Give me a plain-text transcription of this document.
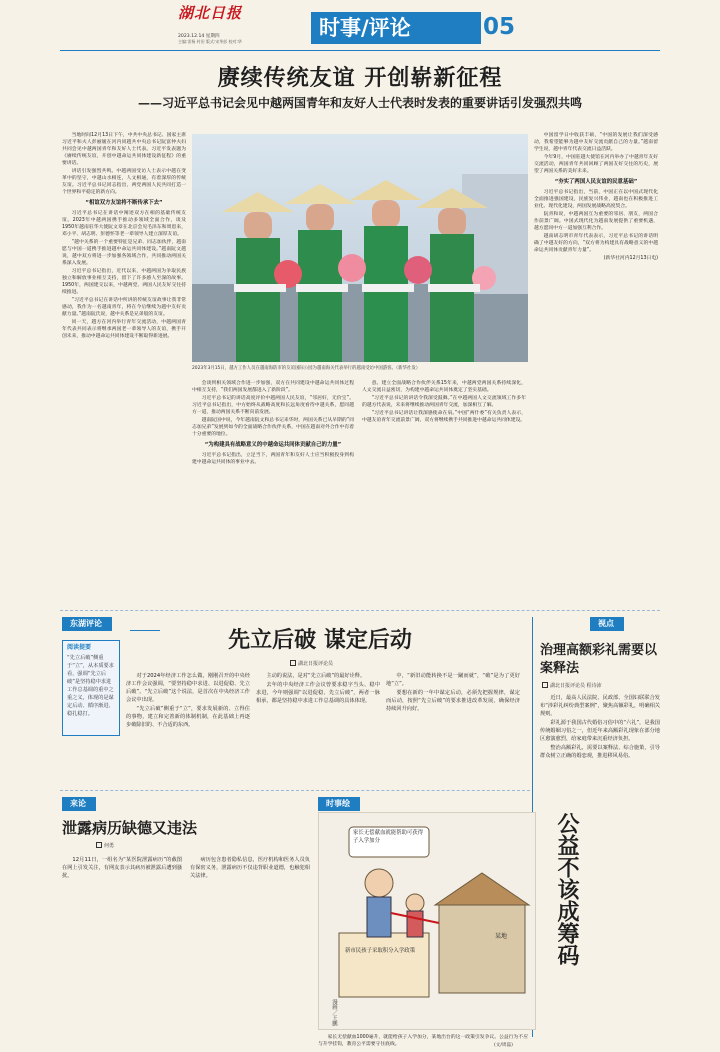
湖北日报
2023.12.14 星期四
主编:雷杨 村田 版式:宋华彭 校对:华
时事/评论	05
赓续传统友谊 开创崭新征程
——习近平总书记会见中越两国青年和友好人士代表时发表的重要讲话引发强烈共鸣

当地时间12月13日下午，中共中央总书记、国家主席习近平和夫人彭丽媛在河内同越共中央总书记阮富仲夫妇共同会见中越两国青年和友好人士代表。习近平发表题为《赓续传统友谊，开创中越命运共同体建设新征程》的重要讲话。

讲话引发强烈共鸣。中越两国受访人士表示中越在变革中的坚守，中越山水相连，人文相通，有着深厚的传统友谊。习近平总书记同志指出，两党两国人民共同打造一个世界和平稳定的新方向。

“相谊双方友谊将不断传承下去”

习近平总书记在讲话中阐述双方在相的基础传统友谊。2023年中越两国携手推动多领域全面合作，谈及1950年越南驻华大使阮文章在北京会见毛泽东和周恩来，邓小平、胡志明、彭德怀等老一辈领导人建立深厚友谊。

“越中关系的一个重要特征是兄弟、同志加伙伴，越南愿与中国一道携手推进越中命运共同体建设。”越南阮文越说，越中双方将进一步加强各领域合作，共同推动两国关系深入发展。

习近平总书记指出，近代以来，中越两国为争取民族独立和解放事业相互支持，留下了许多感人至深的故事。1950年，两国建交以来，中越两党、两国人民友好交往持续推进。

“习近平总书记在讲话中所讲的传统友谊故事让我非常感动，我作为一名越南青年，将在今后继续为越中友好贡献力量。”越南阮氏说，越中关系是兄弟般的友谊。

同一天，越方在河内举行青年交流活动，中越两国青年代表共同表示将继承两国老一辈领导人的友谊，携手开创未来，推动中越命运共同体建设不断取得新进展。

2023年3月15日，越方工作人员在越南海防市的友谊国际公园为越南海关代表举行的越南受访中国游客。（新华社发）

会谈到相关领域合作进一步加强，双方在共同建设中越命运共同体过程中相互支持，“我们两国发展都进入了新阶段”。

习近平总书记的讲话高度评价中越两国人民友谊，“邻居好，无价宝”。习近平总书记指出，中方始终从战略高度和长远角度看待中越关系，愿同越方一道，推动两国关系不断向前发展。

越南阮国中说，今年越南阮文和总书记来华时，两国关系已从早期的“同志加兄弟”发展到如今的全面战略合作伙伴关系，中国在越南对外合作中有着十分重要的地位。

“为构建具有战略意义的中越命运共同体贡献自己的力量”

习近平总书记指出，立足当下，两国青年和友好人士应当积极投身到构建中越命运共同体的事业中去。

意。建立全面战略合作伙伴关系15年来，中越两党两国关系持续深化，人文交流日益密切，为构建中越命运共同体奠定了坚实基础。

“习近平总书记的讲话令我深受鼓舞。”在中越两国人文交流领域工作多年的越方代表说，未来将继续推动两国青年交流，加深相互了解。

“习近平总书记讲话让我深感使命在肩。”中国“两什委”有关负责人表示，中越友谊青年交流前景广阔，双方将继续携手共同推进中越命运共同体建设。

中国留学日中收获丰硕，“中国的发展让我们深受感动，我希望能够为越中友好交流贡献自己的力量。”越南留学生说，越中青年代表交流日益活跃。

今年9月，中国驻越大使馆在河内举办了中越青年友好交流活动，两国青年共同回顾了两国友好交往的历史，展望了两国关系的美好未来。

“夯实了两国人民友谊的民意基础”

习近平总书记指出，当前，中国正在以中国式现代化全面推进强国建设，民族复兴伟业，越南也在积极推进工业化、现代化建设，两国发展战略高度契合。

阮青和说，中越两国互为重要的邻居、朋友，两国合作前景广阔。中国式现代化为越南发展提供了重要机遇，越方愿同中方一道加强互利合作。

越南胡志明市青年代表表示，习近平总书记的讲话明确了中越友好的方向，“双方将为构建具有战略意义的中越命运共同体贡献青年力量”。

(新华社河内12月13日电)

东湖评论
先立后破 谋定后动
湖北日报评论员
阅读提要
“先立后破”侧重于“立”，从本质要求看，强调“先立后破”是坚持稳中求进工作总基调的重中之重之义，体现的是谋定后动、循序渐进、稳扎稳打。

对于2024年经济工作怎么做，刚刚召开的中央经济工作会议强调，“要坚持稳中求进、以进促稳、先立后破”。“先立后破”这个说法，是首次在中央经济工作会议中出现。

“先立后破”侧重于“立”，要求发展新的、立得住的事物，建立和完善新的体制机制，在此基础上再逐步破除旧的、不合适的东西。

主动的说法，是对“先立后破”的最好诠释。

去年的中央经济工作会议曾要求稳字当头、稳中求进，今年则强调“以进促稳、先立后破”，两者一脉相承，都是坚持稳中求进工作总基调的具体体现。

中，“新旧动能转换不是一蹴而就”，“破”是为了更好地“立”。

要想在新的一年中谋定后动，必须先把握规律，谋定而后动，按照“先立后破”的要求推进改革发展，确保经济持续回升向好。

视点
治理高额彩礼需要以案释法
湖北日报评论员 程诗沛

近日，最高人民法院、民政部、全国妇联联合发布“涉彩礼纠纷典型案例”，聚焦高额彩礼，明确相关规则。

彩礼源于我国古代婚俗习俗中的“六礼”，是我国传统婚姻习俗之一，但近年来高额彩礼现象在部分地区愈演愈烈，给家庭带来沉重经济负担。

整治高额彩礼，需要以案释法、综合施策，引导群众树立正确的婚恋观，推进移风易俗。

来论
泄露病历缺德又违法
何勇

12月11日，一组名为“某医院泄露病历”的截图在网上引发关注，有网友表示其病历被泄露后遭到骚扰。

病历包含患者隐私信息，医疗机构和医务人员负有保密义务，泄露病历不仅违背职业道德，也触犯相关法律。

时事绘
家长无偿献血就能帮助可获得子入学加分
某地
新市民孩子采取积分入学政策
漫画／王鹏
公益不该成筹码

家长无偿献血1000毫升，就能给孩子入学加分，某地出台的这一政策引发争议。公益行为不应与升学挂钩，教育公平需要守住底线。	(文/周磊)
